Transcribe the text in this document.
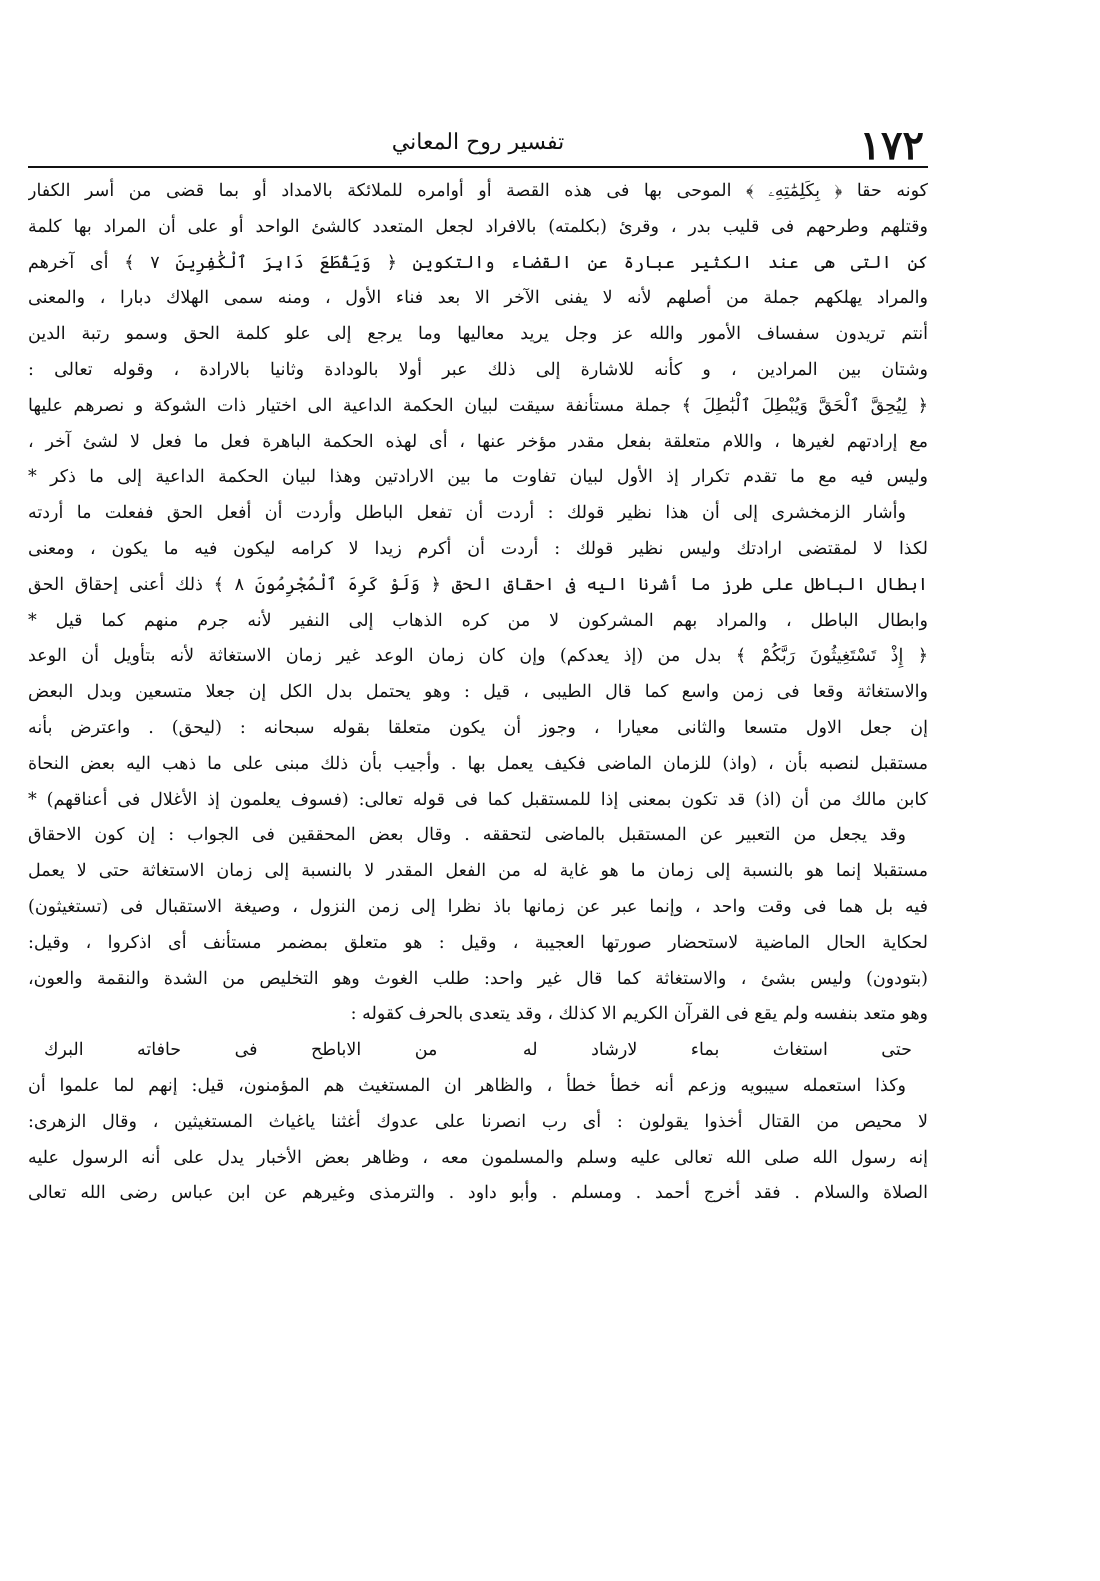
١٧٢
تفسير روح المعاني
كونه حقا ﴿ بِكَلِمَٰتِهِۦ ﴾ الموحى بها فى هذه القصة أو أوامره للملائكة بالامداد أو بما قضى من أسر الكفار
وقتلهم وطرحهم فى قليب بدر ، وقرئ (بكلمته) بالافراد لجعل المتعدد كالشئ الواحد أو على أن المراد بها كلمة
كن التى هى عند الكثير عبارة عن القضاء والتكوين ﴿ وَيَقْطَعَ دَابِرَ ٱلْكَٰفِرِينَ ٧ ﴾ أى آخرهم
والمراد يهلكهم جملة من أصلهم لأنه لا يفنى الآخر الا بعد فناء الأول ، ومنه سمى الهلاك دبارا ، والمعنى
أنتم تريدون سفساف الأمور والله عز وجل يريد معاليها وما يرجع إلى علو كلمة الحق وسمو رتبة الدين
وشتان بين المرادين ، و كأنه للاشارة إلى ذلك عبر أولا بالودادة وثانيا بالارادة ، وقوله تعالى :
﴿ لِيُحِقَّ ٱلْحَقَّ وَيُبْطِلَ ٱلْبَٰطِلَ ﴾ جملة مستأنفة سيقت لبيان الحكمة الداعية الى اختيار ذات الشوكة و نصرهم عليها
مع إرادتهم لغيرها ، واللام متعلقة بفعل مقدر مؤخر عنها ، أى لهذه الحكمة الباهرة فعل ما فعل لا لشئ آخر ،
وليس فيه مع ما تقدم تكرار إذ الأول لبيان تفاوت ما بين الارادتين وهذا لبيان الحكمة الداعية إلى ما ذكر *
وأشار الزمخشرى إلى أن هذا نظير قولك : أردت أن تفعل الباطل وأردت أن أفعل الحق ففعلت ما أردته
لكذا لا لمقتضى ارادتك وليس نظير قولك : أردت أن أكرم زيدا لا كرامه ليكون فيه ما يكون ، ومعنى
ابطال الباطل على طرز ما أشرنا اليه فى احقاق الحق ﴿ وَلَوْ كَرِهَ ٱلْمُجْرِمُونَ ٨ ﴾ ذلك أعنى إحقاق الحق
وابطال الباطل ، والمراد بهم المشركون لا من كره الذهاب إلى النفير لأنه جرم منهم كما قيل *
﴿ إِذْ تَسْتَغِيثُونَ رَبَّكُمْ ﴾ بدل من (إذ يعدكم) وإن كان زمان الوعد غير زمان الاستغاثة لأنه بتأويل أن الوعد
والاستغاثة وقعا فى زمن واسع كما قال الطيبى ، قيل : وهو يحتمل بدل الكل إن جعلا متسعين وبدل البعض
إن جعل الاول متسعا والثانى معيارا ، وجوز أن يكون متعلقا بقوله سبحانه : (ليحق) . واعترض بأنه
مستقبل لنصبه بأن ، (واذ) للزمان الماضى فكيف يعمل بها . وأجيب بأن ذلك مبنى على ما ذهب اليه بعض النحاة
كابن مالك من أن (اذ) قد تكون بمعنى إذا للمستقبل كما فى قوله تعالى: (فسوف يعلمون إذ الأغلال فى أعناقهم) *
وقد يجعل من التعبير عن المستقبل بالماضى لتحققه . وقال بعض المحققين فى الجواب : إن كون الاحقاق
مستقبلا إنما هو بالنسبة إلى زمان ما هو غاية له من الفعل المقدر لا بالنسبة إلى زمان الاستغاثة حتى لا يعمل
فيه بل هما فى وقت واحد ، وإنما عبر عن زمانها باذ نظرا إلى زمن النزول ، وصيغة الاستقبال فى (تستغيثون)
لحكاية الحال الماضية لاستحضار صورتها العجيبة ، وقيل : هو متعلق بمضمر مستأنف أى اذكروا ، وقيل:
(بتودون) وليس بشئ ، والاستغاثة كما قال غير واحد: طلب الغوث وهو التخليص من الشدة والنقمة والعون،
وهو متعد بنفسه ولم يقع فى القرآن الكريم الا كذلك ، وقد يتعدى بالحرف كقوله :
حتى استغاث بماء لارشاد له من الاباطح فى حافاته البرك
وكذا استعمله سيبويه وزعم أنه خطأ خطأ ، والظاهر ان المستغيث هم المؤمنون، قيل: إنهم لما علموا أن
لا محيص من القتال أخذوا يقولون : أى رب انصرنا على عدوك أغثنا ياغياث المستغيثين ، وقال الزهرى:
إنه رسول الله صلى الله تعالى عليه وسلم والمسلمون معه ، وظاهر بعض الأخبار يدل على أنه الرسول عليه
الصلاة والسلام . فقد أخرج أحمد . ومسلم . وأبو داود . والترمذى وغيرهم عن ابن عباس رضى الله تعالى
